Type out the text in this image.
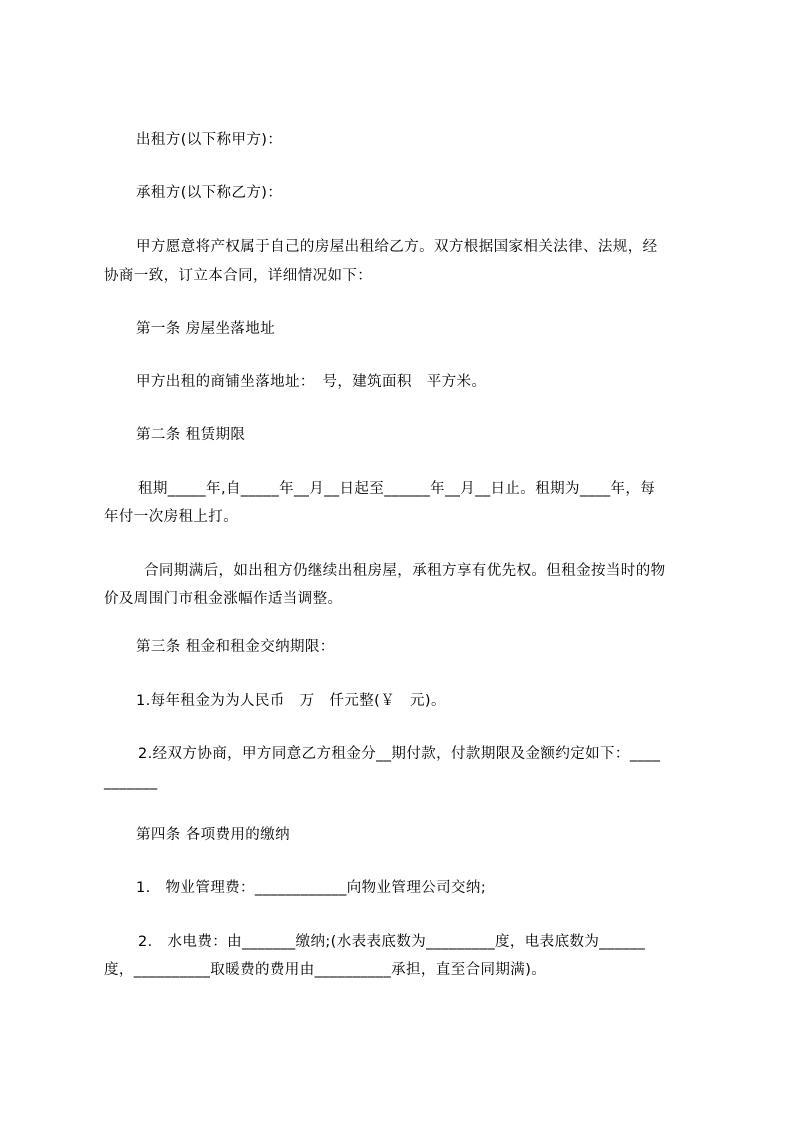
出租方(以下称甲方)：
承租方(以下称乙方)：
甲方愿意将产权属于自己的房屋出租给乙方。双方根据国家相关法律、法规，经
协商一致，订立本合同，详细情况如下：
第一条 房屋坐落地址
甲方出租的商铺坐落地址：　号，建筑面积　平方米。
第二条 租赁期限
租期_____年,自_____年__月__日起至______年__月__日止。租期为____年，每
年付一次房租上打。
合同期满后，如出租方仍继续出租房屋，承租方享有优先权。但租金按当时的物
价及周围门市租金涨幅作适当调整。
第三条 租金和租金交纳期限：
1.每年租金为为人民币　万　仟元整(￥　元)。
2.经双方协商，甲方同意乙方租金分__期付款，付款期限及金额约定如下：____
_______
第四条 各项费用的缴纳
1.　物业管理费：____________向物业管理公司交纳;
2.　水电费：由_______缴纳;(水表表底数为_________度，电表底数为______
度，__________取暖费的费用由__________承担，直至合同期满)。
